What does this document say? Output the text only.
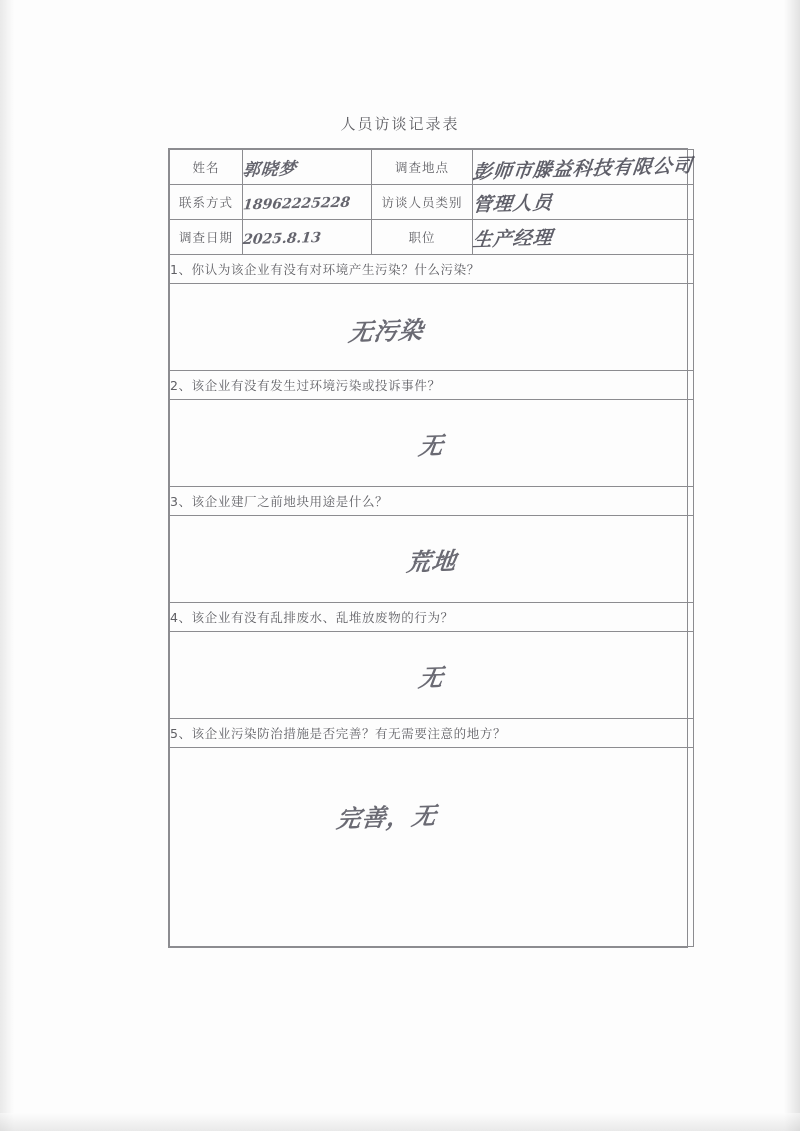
人员访谈记录表
姓名	郭晓梦	调查地点	彭师市滕益科技有限公司
联系方式	18962225228	访谈人员类别	管理人员
调查日期	2025.8.13	职位	生产经理
1、你认为该企业有没有对环境产生污染？什么污染？			
无污染			
2、该企业有没有发生过环境污染或投诉事件？			
无			
3、该企业建厂之前地块用途是什么？			
荒地			
4、该企业有没有乱排废水、乱堆放废物的行为？			
无			
5、该企业污染防治措施是否完善？有无需要注意的地方？			
完善，无			
